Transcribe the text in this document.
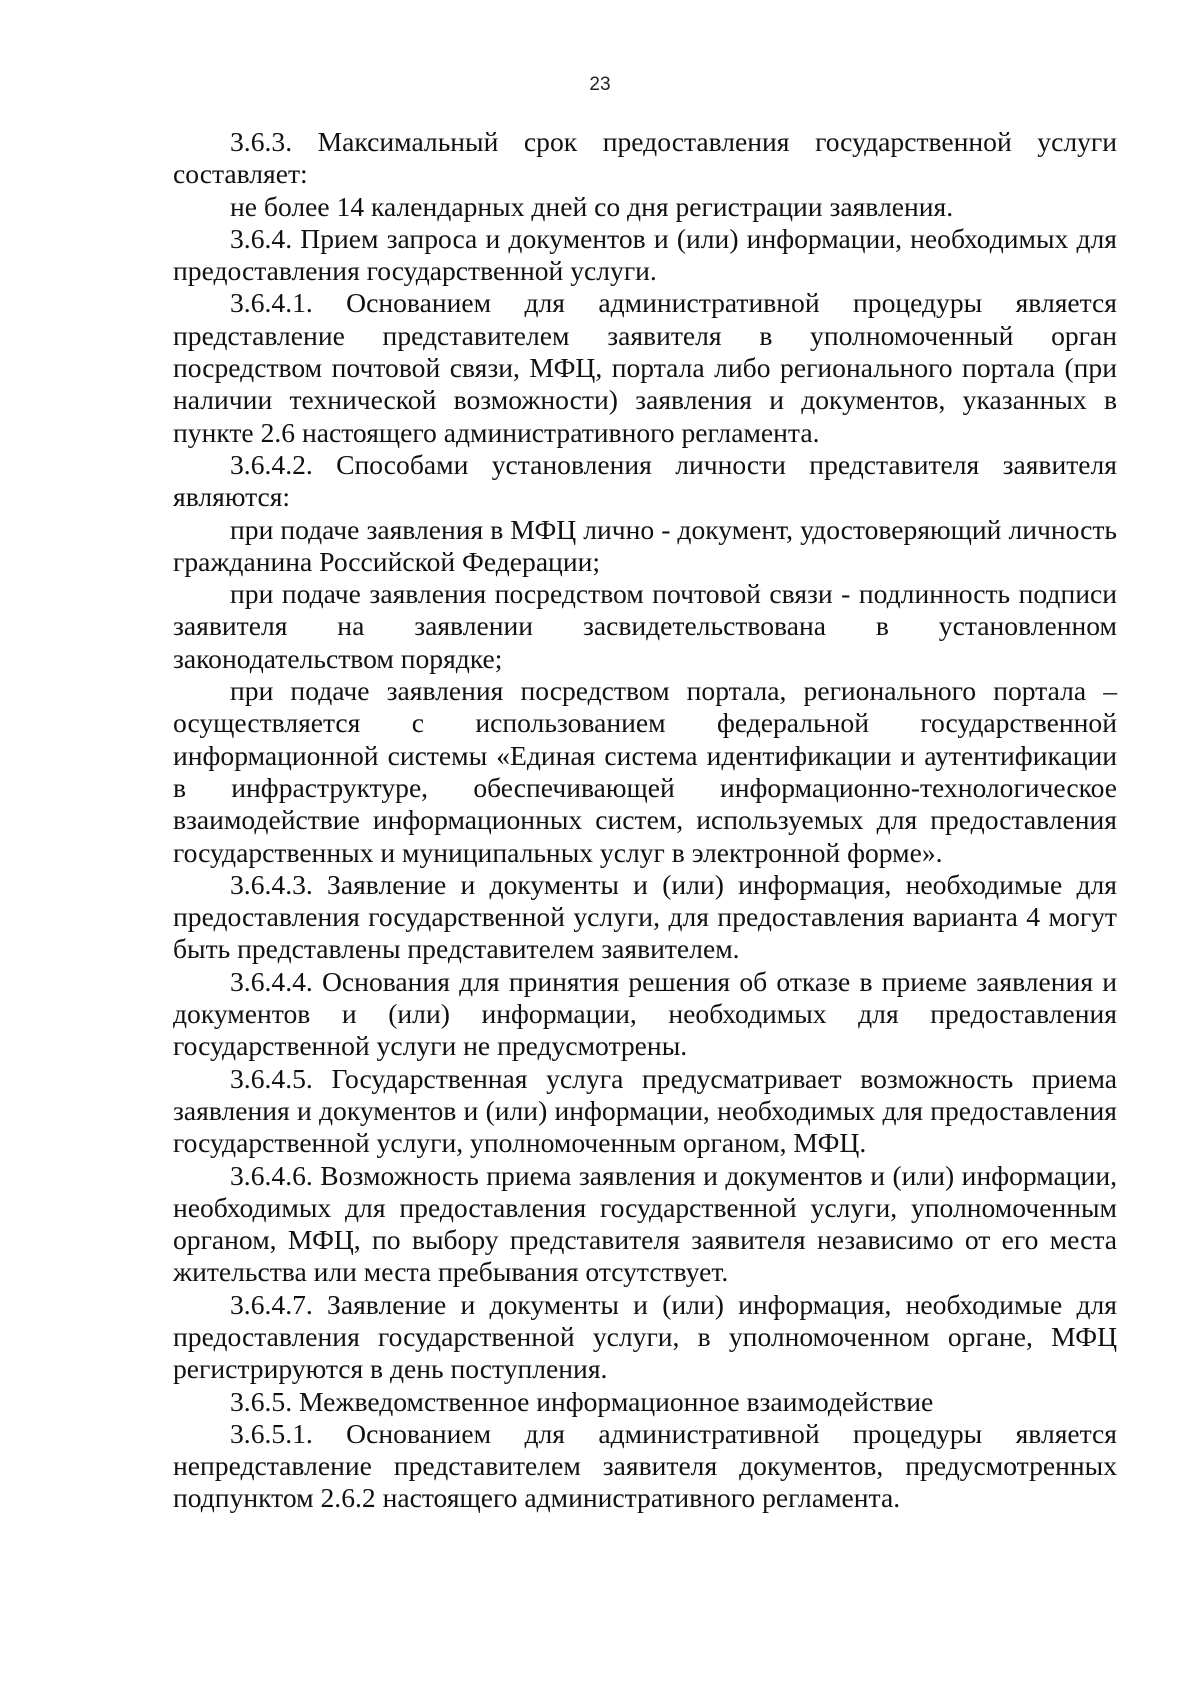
23

3.6.3. Максимальный срок предоставления государственной услуги составляет:

не более 14 календарных дней со дня регистрации заявления.

3.6.4. Прием запроса и документов и (или) информации, необходимых для предоставления государственной услуги.

3.6.4.1. Основанием для административной процедуры является представление представителем заявителя в уполномоченный орган посредством почтовой связи, МФЦ, портала либо регионального портала (при наличии технической возможности) заявления и документов, указанных в пункте 2.6 настоящего административного регламента.

3.6.4.2. Способами установления личности представителя заявителя являются:

при подаче заявления в МФЦ лично - документ, удостоверяющий личность гражданина Российской Федерации;

при подаче заявления посредством почтовой связи - подлинность подписи заявителя на заявлении засвидетельствована в установленном законодательством порядке;

при подаче заявления посредством портала, регионального портала – осуществляется с использованием федеральной государственной информационной системы «Единая система идентификации и аутентификации в инфраструктуре, обеспечивающей информационно-технологическое взаимодействие информационных систем, используемых для предоставления государственных и муниципальных услуг в электронной форме».

3.6.4.3. Заявление и документы и (или) информация, необходимые для предоставления государственной услуги, для предоставления варианта 4 могут быть представлены представителем заявителем.

3.6.4.4. Основания для принятия решения об отказе в приеме заявления и документов и (или) информации, необходимых для предоставления государственной услуги не предусмотрены.

3.6.4.5. Государственная услуга предусматривает возможность приема заявления и документов и (или) информации, необходимых для предоставления государственной услуги, уполномоченным органом, МФЦ.

3.6.4.6. Возможность приема заявления и документов и (или) информации, необходимых для предоставления государственной услуги, уполномоченным органом, МФЦ, по выбору представителя заявителя независимо от его места жительства или места пребывания отсутствует.

3.6.4.7. Заявление и документы и (или) информация, необходимые для предоставления государственной услуги, в уполномоченном органе, МФЦ регистрируются в день поступления.

3.6.5. Межведомственное информационное взаимодействие

3.6.5.1. Основанием для административной процедуры является непредставление представителем заявителя документов, предусмотренных подпунктом 2.6.2 настоящего административного регламента.
